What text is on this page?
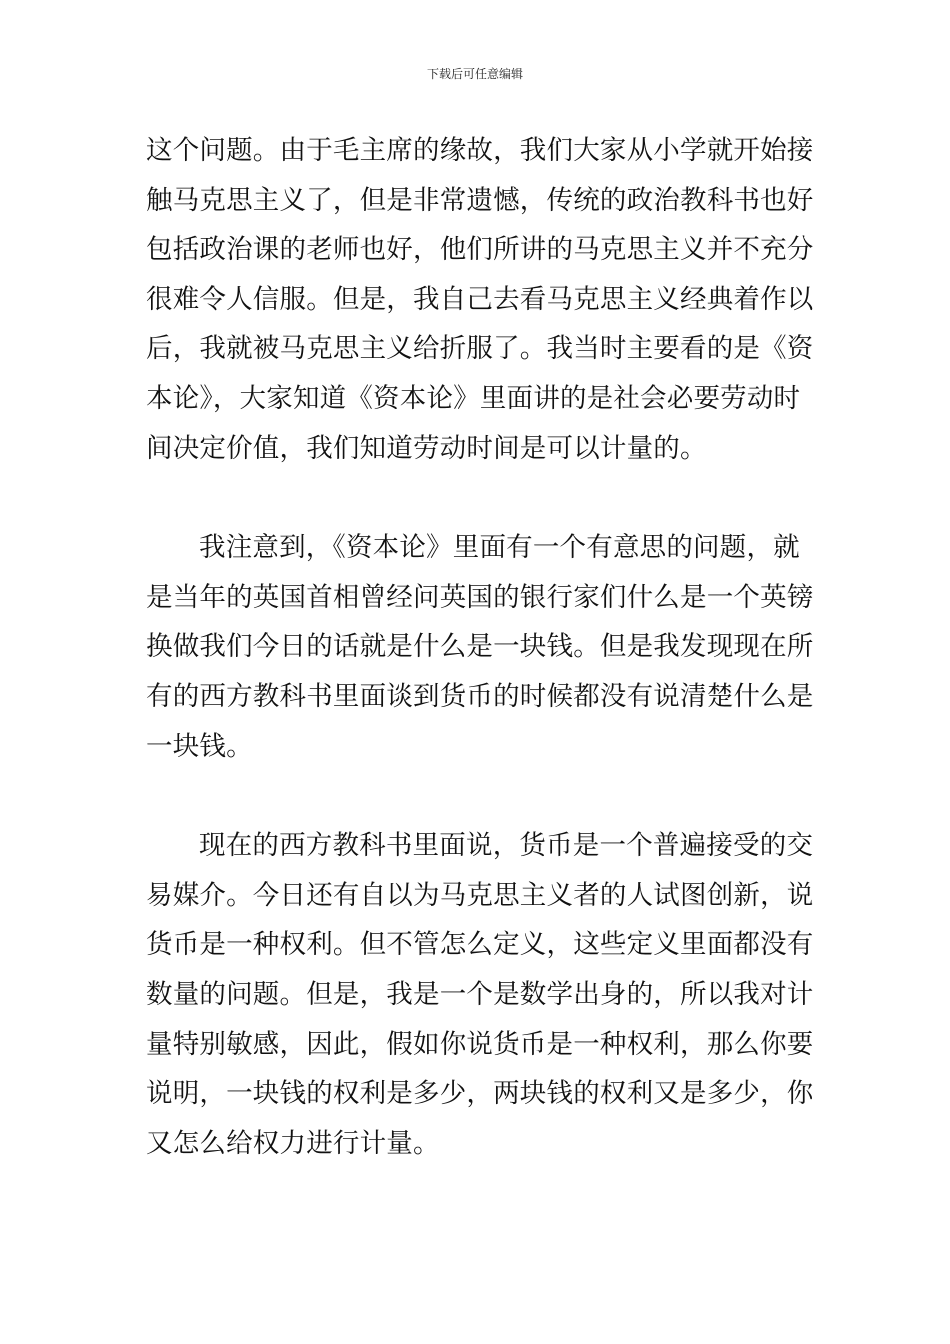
下载后可任意编辑
这个问题。由于毛主席的缘故，我们大家从小学就开始接
触马克思主义了，但是非常遗憾，传统的政治教科书也好
包括政治课的老师也好，他们所讲的马克思主义并不充分
很难令人信服。但是，我自己去看马克思主义经典着作以
后，我就被马克思主义给折服了。我当时主要看的是《资
本论》，大家知道《资本论》里面讲的是社会必要劳动时
间决定价值，我们知道劳动时间是可以计量的。
我注意到，《资本论》里面有一个有意思的问题，就
是当年的英国首相曾经问英国的银行家们什么是一个英镑
换做我们今日的话就是什么是一块钱。但是我发现现在所
有的西方教科书里面谈到货币的时候都没有说清楚什么是
一块钱。
现在的西方教科书里面说，货币是一个普遍接受的交
易媒介。今日还有自以为马克思主义者的人试图创新，说
货币是一种权利。但不管怎么定义，这些定义里面都没有
数量的问题。但是，我是一个是数学出身的，所以我对计
量特别敏感，因此，假如你说货币是一种权利，那么你要
说明，一块钱的权利是多少，两块钱的权利又是多少，你
又怎么给权力进行计量。
